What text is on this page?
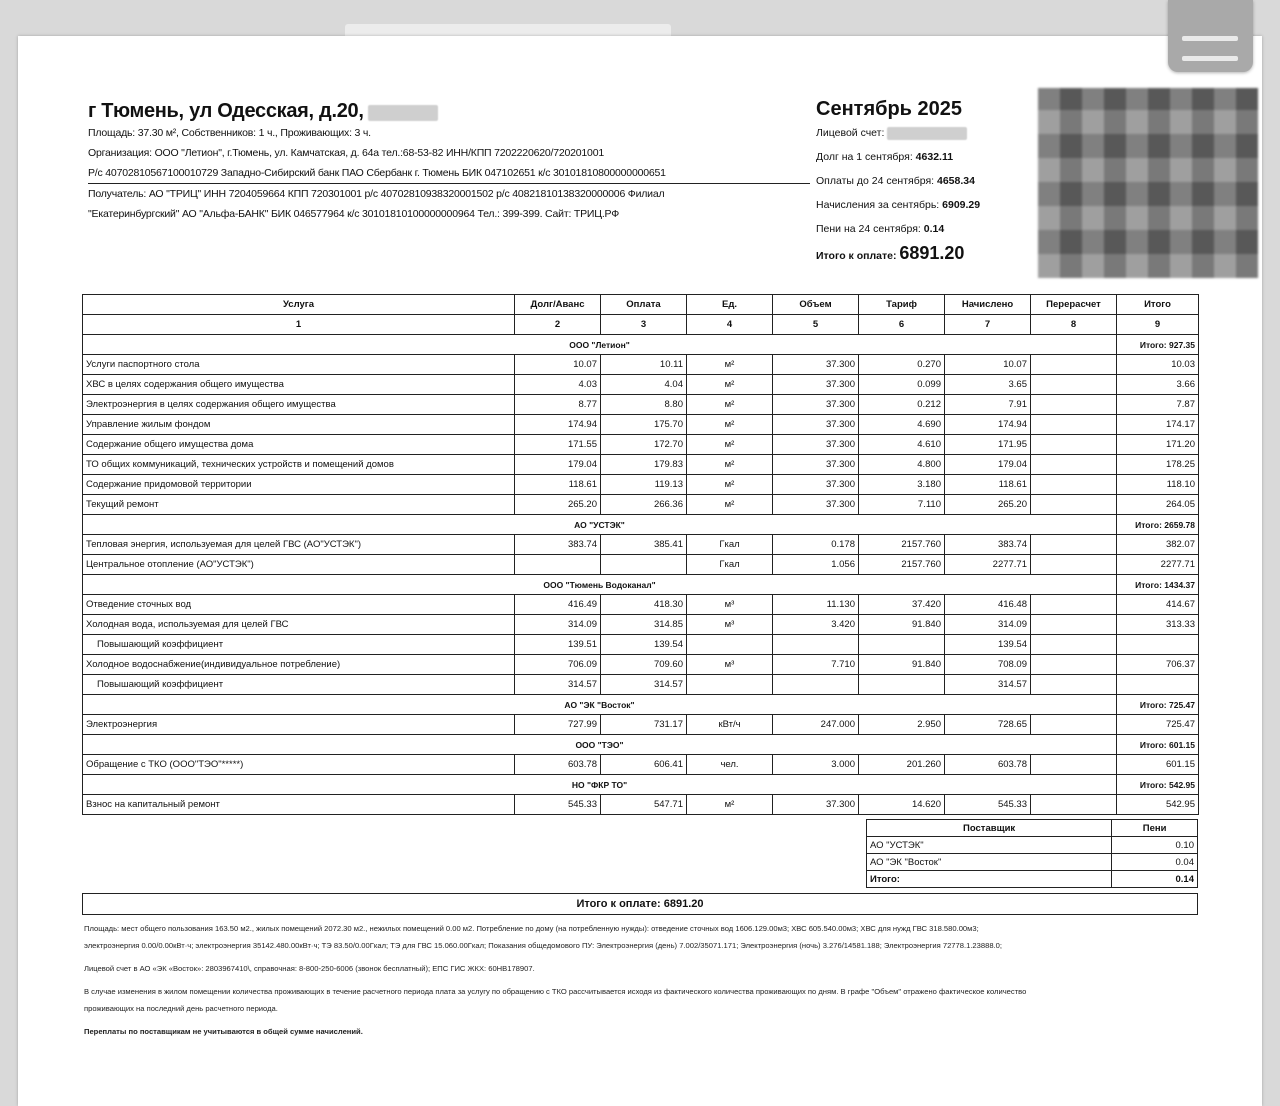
г Тюмень, ул Одесская, д.20,
Площадь: 37.30 м², Собственников: 1 ч., Проживающих: 3 ч.
Организация: ООО "Летион", г.Тюмень, ул. Камчатская, д. 64а тел.:68-53-82 ИНН/КПП 7202220620/720201001
Р/с 40702810567100010729 Западно-Сибирский банк ПАО Сбербанк г. Тюмень БИК 047102651 к/с 30101810800000000651
Получатель: АО "ТРИЦ" ИНН 7204059664 КПП 720301001 р/с 40702810938320001502 р/с 40821810138320000006 Филиал
"Екатеринбургский" АО "Альфа-БАНК" БИК 046577964 к/с 30101810100000000964 Тел.: 399-399. Сайт: ТРИЦ.РФ
Сентябрь 2025
Лицевой счет:
Долг на 1 сентября: 4632.11
Оплаты до 24 сентября: 4658.34
Начисления за сентябрь: 6909.29
Пени на 24 сентября: 0.14
Итого к оплате: 6891.20
Услуга	Долг/Аванс	Оплата	Ед.	Объем	Тариф	Начислено	Перерасчет	Итого
1	2	3	4	5	6	7	8	9
ООО "Летион"								Итого: 927.35
Услуги паспортного стола	10.07	10.11	м²	37.300	0.270	10.07		10.03
ХВС в целях содержания общего имущества	4.03	4.04	м²	37.300	0.099	3.65		3.66
Электроэнергия в целях содержания общего имущества	8.77	8.80	м²	37.300	0.212	7.91		7.87
Управление жилым фондом	174.94	175.70	м²	37.300	4.690	174.94		174.17
Содержание общего имущества дома	171.55	172.70	м²	37.300	4.610	171.95		171.20
ТО общих коммуникаций, технических устройств и помещений домов	179.04	179.83	м²	37.300	4.800	179.04		178.25
Содержание придомовой территории	118.61	119.13	м²	37.300	3.180	118.61		118.10
Текущий ремонт	265.20	266.36	м²	37.300	7.110	265.20		264.05
АО "УСТЭК"								Итого: 2659.78
Тепловая энергия, используемая для целей ГВС (АО"УСТЭК")	383.74	385.41	Гкал	0.178	2157.760	383.74		382.07
Центральное отопление (АО"УСТЭК")			Гкал	1.056	2157.760	2277.71		2277.71
ООО "Тюмень Водоканал"								Итого: 1434.37
Отведение сточных вод	416.49	418.30	м³	11.130	37.420	416.48		414.67
Холодная вода, используемая для целей ГВС	314.09	314.85	м³	3.420	91.840	314.09		313.33
Повышающий коэффициент	139.51	139.54				139.54		
Холодное водоснабжение(индивидуальное потребление)	706.09	709.60	м³	7.710	91.840	708.09		706.37
Повышающий коэффициент	314.57	314.57				314.57		
АО "ЭК "Восток"								Итого: 725.47
Электроэнергия	727.99	731.17	кВт/ч	247.000	2.950	728.65		725.47
ООО "ТЭО"								Итого: 601.15
Обращение с ТКО (ООО"ТЭО"*****)	603.78	606.41	чел.	3.000	201.260	603.78		601.15
НО "ФКР ТО"								Итого: 542.95
Взнос на капитальный ремонт	545.33	547.71	м²	37.300	14.620	545.33		542.95
Поставщик	Пени
АО "УСТЭК"	0.10
АО "ЭК "Восток"	0.04
Итого:	0.14
Итого к оплате: 6891.20

Площадь: мест общего пользования 163.50 м2., жилых помещений 2072.30 м2., нежилых помещений 0.00 м2. Потребление по дому (на потребленную нужды): отведение сточных вод 1606.129.00м3; ХВС 605.540.00м3; ХВС для нужд ГВС 318.580.00м3;

электроэнергия 0.00/0.00кВт·ч; электроэнергия 35142.480.00кВт·ч; ТЭ 83.50/0.00Гкал; ТЭ для ГВС 15.060.00Гкал; Показания общедомового ПУ: Электроэнергия (день) 7.002/35071.171; Электроэнергия (ночь) 3.276/14581.188; Электроэнергия 72778.1.23888.0;

Лицевой счет в АО «ЭК «Восток»: 2803967410\, справочная: 8-800-250-6006 (звонок бесплатный); ЕПС ГИС ЖКХ: 60НВ178907.

В случае изменения в жилом помещении количества проживающих в течение расчетного периода плата за услугу по обращению с ТКО рассчитывается исходя из фактического количества проживающих по дням. В графе "Объем" отражено фактическое количество

проживающих на последний день расчетного периода.

Переплаты по поставщикам не учитываются в общей сумме начислений.
